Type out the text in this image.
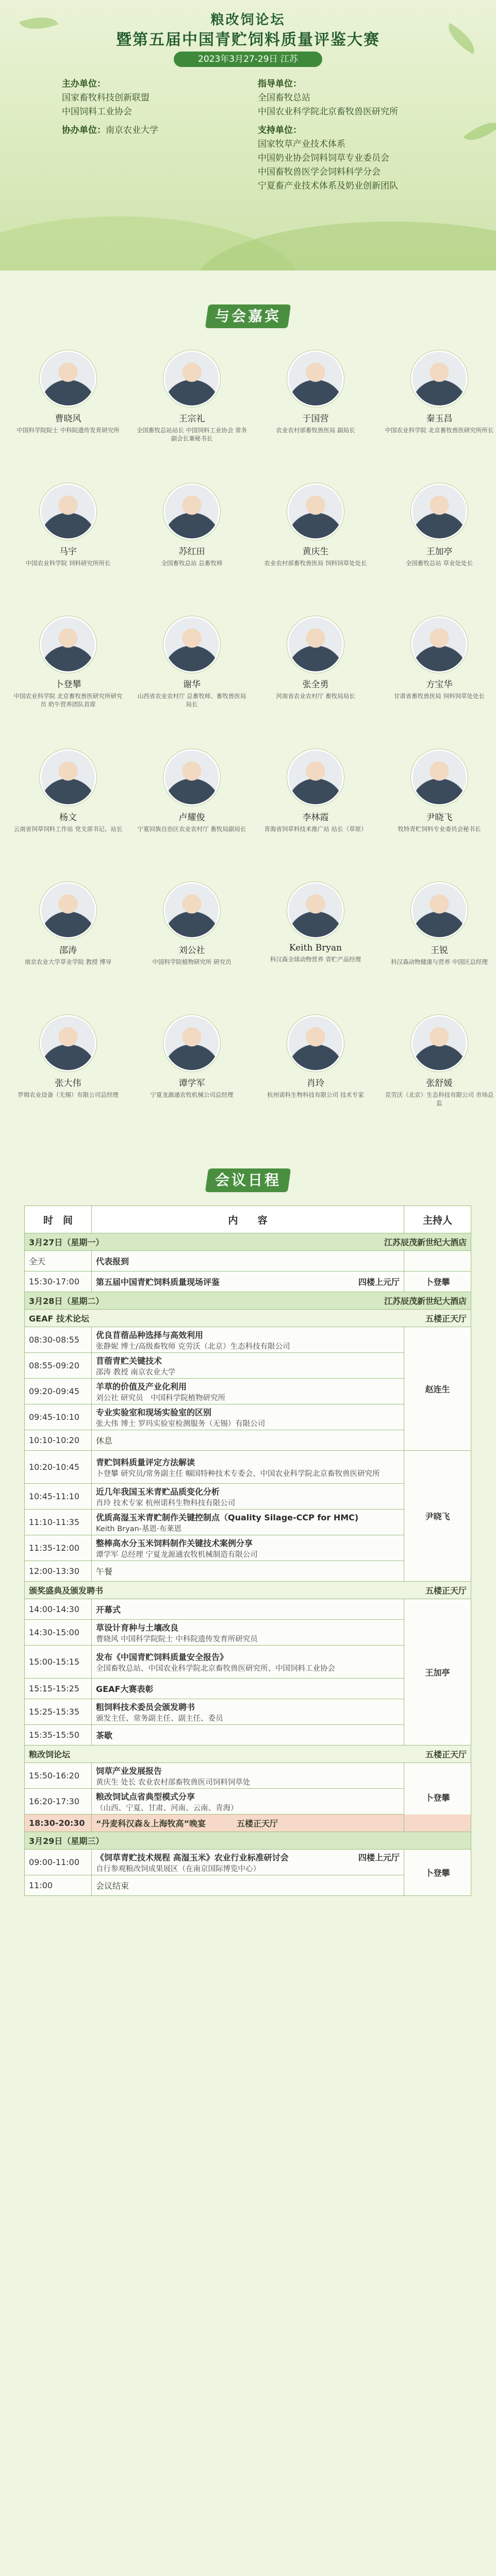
粮改饲论坛
暨第五届中国青贮饲料质量评鉴大赛
2023年3月27-29日 江苏
主办单位：
国家畜牧科技创新联盟
中国饲料工业协会
协办单位：南京农业大学
指导单位：
全国畜牧总站
中国农业科学院北京畜牧兽医研究所
支持单位：
国家牧草产业技术体系
中国奶业协会饲料饲草专业委员会
中国畜牧兽医学会饲料科学分会
宁夏畜产业技术体系及奶业创新团队
与会嘉宾
曹晓风
中国科学院院士 中科院遗传发育研究所
王宗礼
全国畜牧总站站长 中国饲料工业协会 常务副会长兼秘书长
于国营
农业农村部畜牧兽医局 副局长
秦玉昌
中国农业科学院 北京畜牧兽医研究所所长
马宇
中国农业科学院 饲料研究所所长
苏红田
全国畜牧总站 总畜牧师
黄庆生
农业农村部畜牧兽医局 饲料饲草处处长
王加亭
全国畜牧总站 草业处处长
卜登攀
中国农业科学院 北京畜牧兽医研究所研究员 奶牛营养团队首席
谢华
山西省农业农村厅 总畜牧师、畜牧兽医局局长
张全勇
河南省农业农村厅 畜牧局局长
方宝华
甘肃省畜牧兽医局 饲料饲草处处长
杨文
云南省饲草饲料工作站 党支部书记、站长
卢耀俊
宁夏回族自治区农业农村厅 畜牧局副局长
李林霞
青海省饲草料技术推广站 站长（草原）
尹晓飞
牧特青贮饲料专业委员会秘书长
邵涛
南京农业大学草业学院 教授 博导
刘公社
中国科学院植物研究所 研究员
Keith Bryan
科汉森全球动物营养 青贮产品经理
王锐
科汉森动物健康与营养 中国区总经理
张大伟
罗姆农业设备（无锡）有限公司总经理
谭学军
宁夏龙源通农牧机械公司总经理
肖玲
杭州诺科生物科技有限公司 技术专家
张舒媛
克劳沃（北京）生态科技有限公司 市场总监
会议日程
时　间	内　　容	主持人
3月27日（星期一） 江苏辰茂新世纪大酒店		

全天	代表报到	

15:30-17:00	第五届中国青贮饲料质量现场评鉴 四楼上元厅	卜登攀
3月28日（星期二） 江苏辰茂新世纪大酒店		

GEAF 技术论坛 五楼正天厅		

08:30-08:55	优良苜蓿品种选择与高效利用
张静妮 博士/高级畜牧师 克劳沃（北京）生态科技有限公司	赵连生
08:55-09:20	苜蓿青贮关键技术
邵涛 教授 南京农业大学	

09:20-09:45	羊草的价值及产业化利用
刘公社 研究员　中国科学院植物研究所	

09:45-10:10	专业实验室和现场实验室的区别
张大伟 博士 罗玛实验室检测服务（无锡）有限公司	

10:10-10:20	休息	

10:20-10:45	青贮饲料质量评定方法解读
卜登攀 研究员/常务副主任 帼国特种技术专委会、中国农业科学院北京畜牧兽医研究所	尹晓飞
10:45-11:10	近几年我国玉米青贮品质变化分析
肖玲 技术专家 杭州诺科生物科技有限公司	

11:10-11:35	优质高湿玉米青贮制作关键控制点（Quality Silage-CCP for HMC)
Keith Bryan-基恩·布莱恩	

11:35-12:00	整棒高水分玉米饲料制作关键技术案例分享
谭学军 总经理 宁夏龙源通农牧机械制造有限公司	

12:00-13:30	午餐	

颁奖盛典及颁发聘书 五楼正天厅		

14:00-14:30	开幕式	王加亭
14:30-15:00	草设计育种与土壤改良
曹晓风 中国科学院院士 中科院遗传发育所研究员	

15:00-15:15	发布《中国青贮饲料质量安全报告》
全国畜牧总站、中国农业科学院北京畜牧兽医研究所、中国饲料工业协会	

15:15-15:25	GEAF大赛表彰	

15:25-15:35	粗饲料技术委员会颁发聘书
颁发主任、常务副主任、副主任、委员	

15:35-15:50	茶歇	

粮改饲论坛 五楼正天厅		

15:50-16:20	饲草产业发展报告
黄庆生 处长 农业农村部畜牧兽医司饲料饲草处	卜登攀
16:20-17:30	粮改饲试点省典型模式分享
（山西、宁夏、甘肃、河南、云南、青海）	

18:30-20:30	“丹麦科汉森＆上海牧高”晚宴 五楼正天厅	
3月29日（星期三）		

09:00-11:00	《饲草青贮技术规程 高湿玉米》农业行业标准研讨会 四楼上元厅
自行参观粮改饲成果展区（在南京国际博览中心）	卜登攀
11:00	会议结束	
